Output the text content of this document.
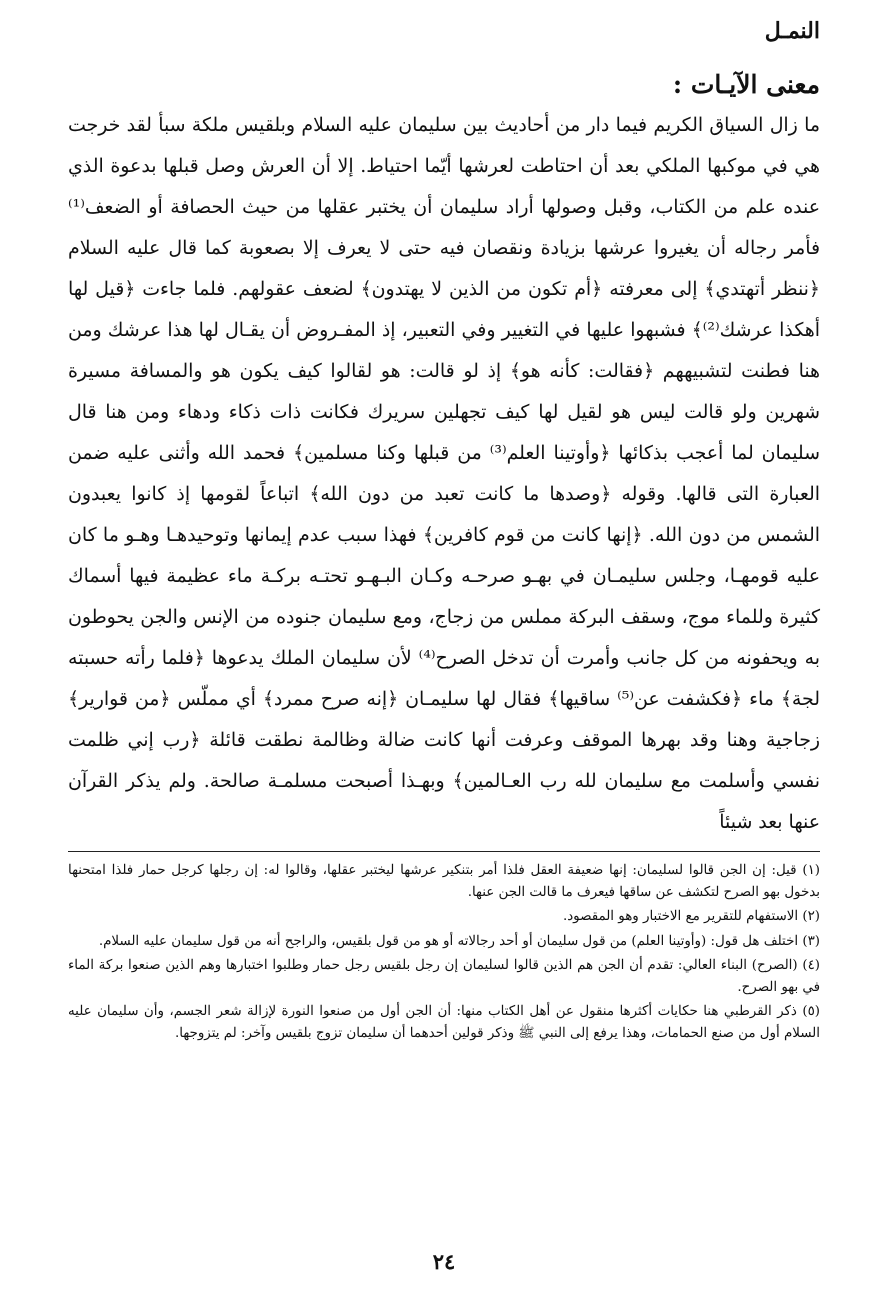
النمـل
معنى الآيـات :

ما زال السياق الكريم فيما دار من أحاديث بين سليمان عليه السلام وبلقيس ملكة سبأ لقد خرجت هي في موكبها الملكي بعد أن احتاطت لعرشها أيّما احتياط. إلا أن العرش وصل قبلها بدعوة الذي عنده علم من الكتاب، وقبل وصولها أراد سليمان أن يختبر عقلها من حيث الحصافة أو الضعف⁽¹⁾ فأمر رجاله أن يغيروا عرشها بزيادة ونقصان فيه حتى لا يعرف إلا بصعوبة كما قال عليه السلام ﴿ننظر أتهتدي﴾ إلى معرفته ﴿أم تكون من الذين لا يهتدون﴾ لضعف عقولهم. فلما جاءت ﴿قيل لها أهكذا عرشك⁽²⁾﴾ فشبهوا عليها في التغيير وفي التعبير، إذ المفـروض أن يقـال لها هذا عرشك ومن هنا فطنت لتشبيههم ﴿فقالت: كأنه هو﴾ إذ لو قالت: هو لقالوا كيف يكون هو والمسافة مسيرة شهرين ولو قالت ليس هو لقيل لها كيف تجهلين سريرك فكانت ذات ذكاء ودهاء ومن هنا قال سليمان لما أعجب بذكائها ﴿وأوتينا العلم⁽³⁾ من قبلها وكنا مسلمين﴾ فحمد الله وأثنى عليه ضمن العبارة التى قالها. وقوله ﴿وصدها ما كانت تعبد من دون الله﴾ اتباعاً لقومها إذ كانوا يعبدون الشمس من دون الله. ﴿إنها كانت من قوم كافرين﴾ فهذا سبب عدم إيمانها وتوحيدهـا وهـو ما كان عليه قومهـا، وجلس سليمـان في بهـو صرحـه وكـان البـهـو تحتـه بركـة ماء عظيمة فيها أسماك كثيرة وللماء موج، وسقف البركة مملس من زجاج، ومع سليمان جنوده من الإنس والجن يحوطون به ويحفونه من كل جانب وأمرت أن تدخل الصرح⁽⁴⁾ لأن سليمان الملك يدعوها ﴿فلما رأته حسبته لجة﴾ ماء ﴿فكشفت عن⁽⁵⁾ ساقيها﴾ فقال لها سليمـان ﴿إنه صرح ممرد﴾ أي مملّس ﴿من قوارير﴾ زجاجية وهنا وقد بهرها الموقف وعرفت أنها كانت ضالة وظالمة نطقت قائلة ﴿رب إني ظلمت نفسي وأسلمت مع سليمان لله رب العـالمين﴾ وبهـذا أصبحت مسلمـة صالحة. ولم يذكر القرآن عنها بعد شيئاً

(١) قيل: إن الجن قالوا لسليمان: إنها ضعيفة العقل فلذا أمر بتنكير عرشها ليختبر عقلها، وقالوا له: إن رجلها كرجل حمار فلذا امتحنها بدخول بهو الصرح لتكشف عن ساقها فيعرف ما قالت الجن عنها.

(٢) الاستفهام للتقرير مع الاختبار وهو المقصود.

(٣) اختلف هل قول: (وأوتينا العلم) من قول سليمان أو أحد رجالاته أو هو من قول بلقيس، والراجح أنه من قول سليمان عليه السلام.

(٤) (الصرح) البناء العالي: تقدم أن الجن هم الذين قالوا لسليمان إن رجل بلقيس رجل حمار وطلبوا اختبارها وهم الذين صنعوا بركة الماء في بهو الصرح.

(٥) ذكر القرطبي هنا حكايات أكثرها منقول عن أهل الكتاب منها: أن الجن أول من صنعوا النورة لإزالة شعر الجسم، وأن سليمان عليه السلام أول من صنع الحمامات، وهذا يرفع إلى النبي ﷺ وذكر قولين أحدهما أن سليمان تزوج بلقيس وآخر: لم يتزوجها.

٢٤
